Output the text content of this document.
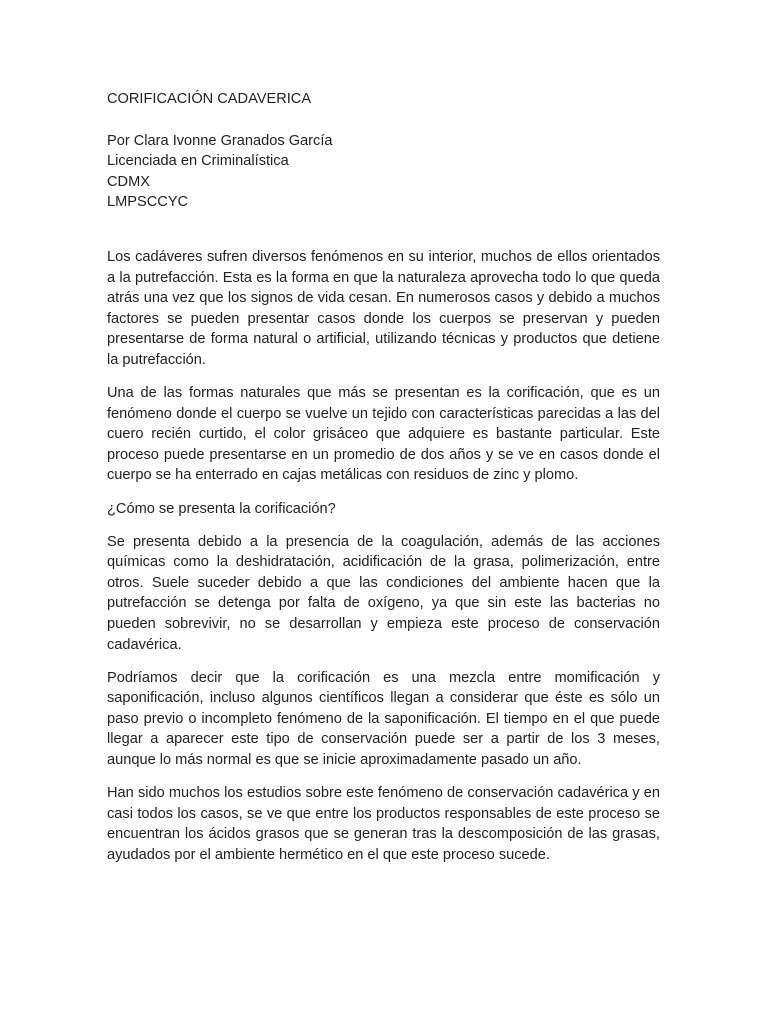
CORIFICACIÓN CADAVERICA
Por Clara Ivonne Granados García
Licenciada en Criminalística
CDMX
LMPSCCYC

Los cadáveres sufren diversos fenómenos en su interior, muchos de ellos orientados a la putrefacción. Esta es la forma en que la naturaleza aprovecha todo lo que queda atrás una vez que los signos de vida cesan. En numerosos casos y debido a muchos factores se pueden presentar casos donde los cuerpos se preservan y pueden presentarse de forma natural o artificial, utilizando técnicas y productos que detiene la putrefacción.

Una de las formas naturales que más se presentan es la corificación, que es un fenómeno donde el cuerpo se vuelve un tejido con características parecidas a las del cuero recién curtido, el color grisáceo que adquiere es bastante particular. Este proceso puede presentarse en un promedio de dos años y se ve en casos donde el cuerpo se ha enterrado en cajas metálicas con residuos de zinc y plomo.

¿Cómo se presenta la corificación?

Se presenta debido a la presencia de la coagulación, además de las acciones químicas como la deshidratación, acidificación de la grasa, polimerización, entre otros. Suele suceder debido a que las condiciones del ambiente hacen que la putrefacción se detenga por falta de oxígeno, ya que sin este las bacterias no pueden sobrevivir, no se desarrollan y empieza este proceso de conservación cadavérica.

Podríamos decir que la corificación es una mezcla entre momificación y saponificación, incluso algunos científicos llegan a considerar que éste es sólo un paso previo o incompleto fenómeno de la saponificación. El tiempo en el que puede llegar a aparecer este tipo de conservación puede ser a partir de los 3 meses, aunque lo más normal es que se inicie aproximadamente pasado un año.

Han sido muchos los estudios sobre este fenómeno de conservación cadavérica y en casi todos los casos, se ve que entre los productos responsables de este proceso se encuentran los ácidos grasos que se generan tras la descomposición de las grasas, ayudados por el ambiente hermético en el que este proceso sucede.
